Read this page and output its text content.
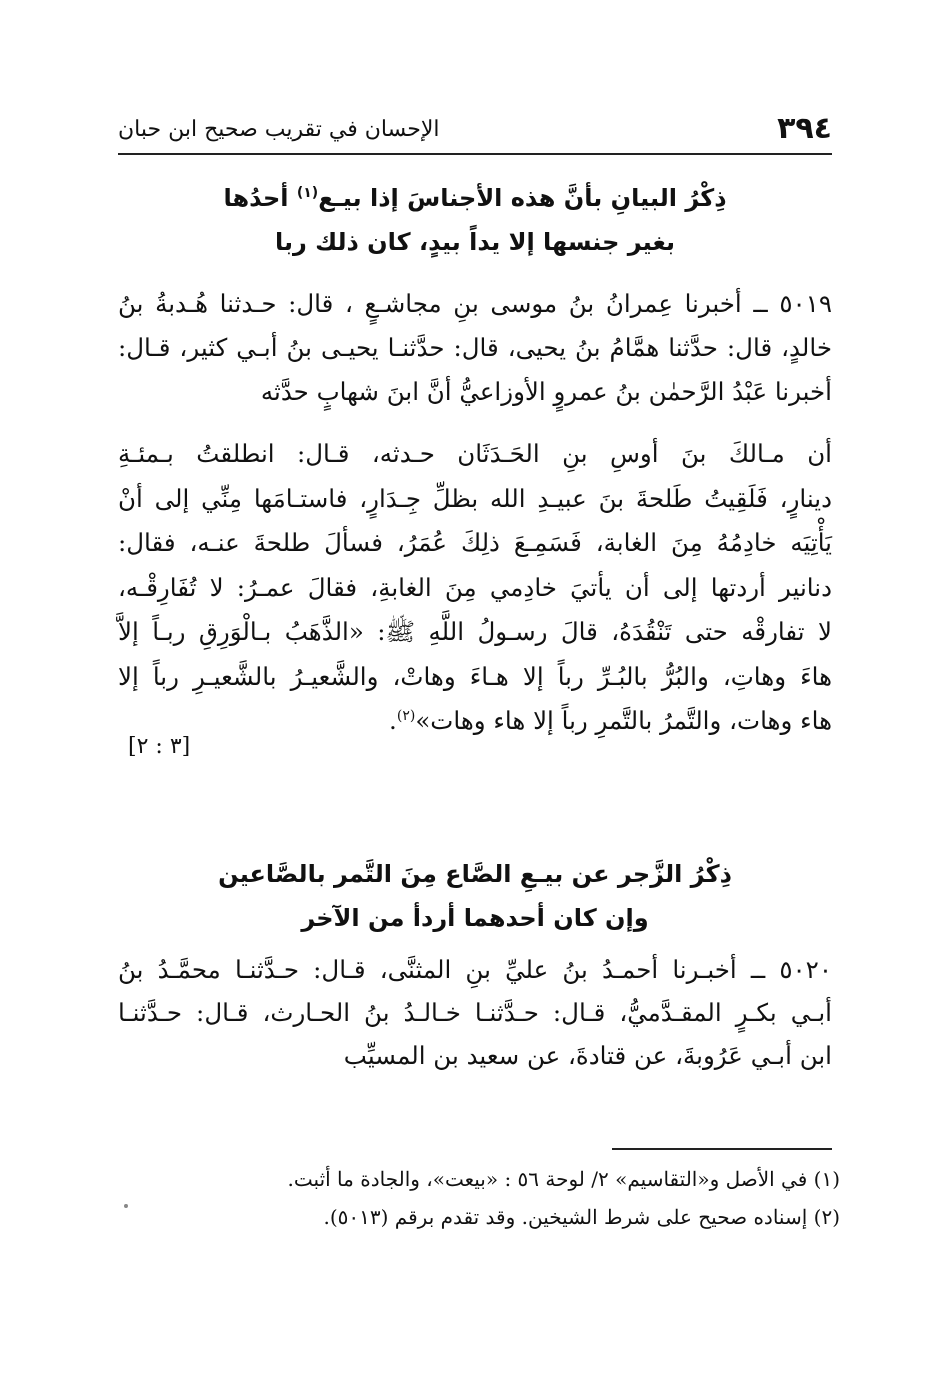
٣٩٤
الإحسان في تقريب صحيح ابن حبان
ذِكْرُ البيانِ بأنَّ هذه الأجناسَ إذا بيـع$^{(١)}$ أحدُها
بغير جنسها إلا يداً بيدٍ، كان ذلك ربا
٥٠١٩ ــ أخبرنا عِمرانُ بنُ موسى بنِ مجاشـعٍ ، قال: حـدثنا هُـدبةُ بنُ
خالدٍ، قال: حدَّثنا همَّامُ بنُ يحيى، قال: حدَّثنـا يحيـى بنُ أبـي كثير، قـال:
أخبرنا عَبْدُ الرَّحمٰن بنُ عمروٍ الأوزاعيُّ أنَّ ابنَ شهابٍ حدَّثه
أن مـالكَ بنَ أوسِ بنِ الحَـدَثَان حـدثه، قـال: انطلقتُ بـمئـةِ
دينارٍ، فَلَقِيتُ طَلحةَ بنَ عبيـدِ الله بظلِّ جِـدَارٍ، فاستـامَها مِنِّي إلى أنْ
يَأْتِيَه خادِمُهُ مِنَ الغابة، فَسَمِـعَ ذلِكَ عُمَرُ، فسألَ طلحةَ عنـه، فقال:
دنانير أردتها إلى أن يأتيَ خادِمي مِنَ الغابةِ، فقالَ عمـرُ: لا تُفَارِقْـه،
لا تفارقْه حتى تَنْقُدَهُ، قالَ رسـولُ اللَّهِ ﷺ: «الذَّهَبُ بـالْوَرِقِ ربـاً إلاَّ
هاءَ وهاتِ، والبُرُّ بالبُـرِّ رباً إلا هـاءَ وهاتْ، والشَّعيـرُ بالشَّعيـرِ رباً إلا
هاء وهات، والتَّمرُ بالتَّمرِ رباً إلا هاء وهات»$^{(٢)}$.
[٣ : ٢]
ذِكْرُ الزَّجر عن بيـعِ الصَّاع مِنَ التَّمر بالصَّاعين
وإن كان أحدهما أردأ من الآخر
٥٠٢٠ ــ أخبـرنا أحمـدُ بنُ عليِّ بنِ المثنَّى، قـال: حـدَّثنـا محمَّـدُ بنُ
أبـي بكـرٍ المقـدَّميُّ، قـال: حـدَّثنـا خـالـدُ بنُ الحـارث، قـال: حـدَّثنـا
ابن أبـي عَرُوبةَ، عن قتادةَ، عن سعيد بن المسيِّب
(١) في الأصل و«التقاسيم» ٢/ لوحة ٥٦ : «بيعت»، والجادة ما أثبت.
(٢) إسناده صحيح على شرط الشيخين. وقد تقدم برقم (٥٠١٣).
